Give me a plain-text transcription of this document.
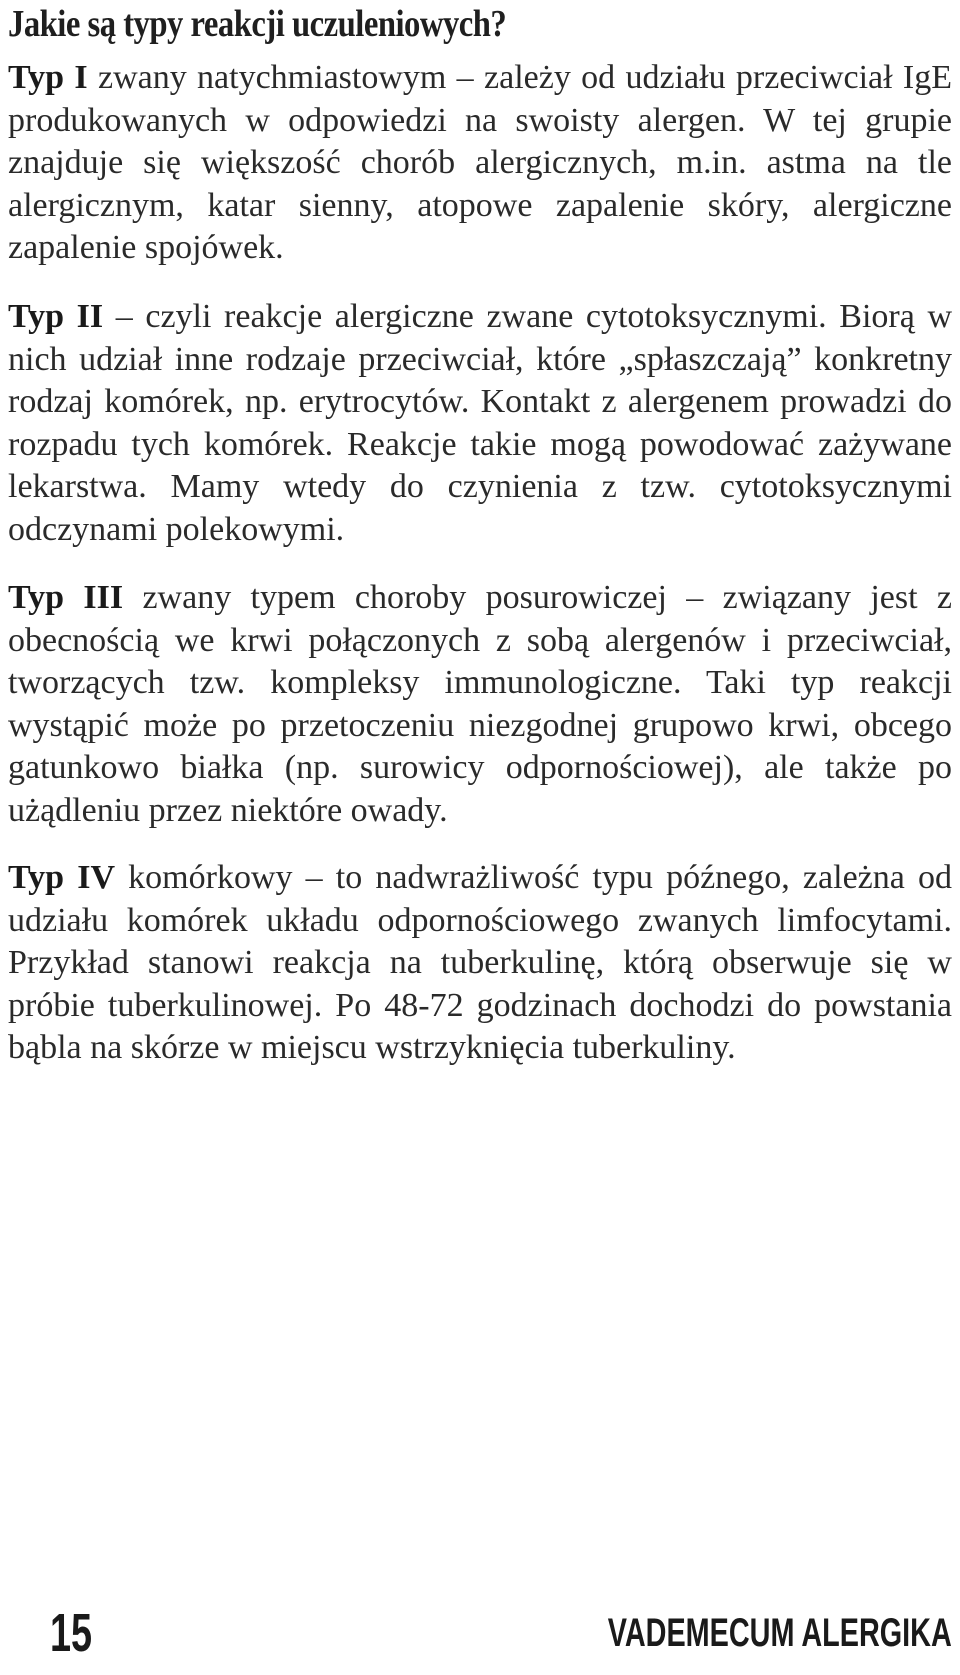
Jakie są typy reakcji uczuleniowych?

Typ I zwany natychmiastowym – zależy od udziału przeciwciał IgE produkowanych w odpowiedzi na swoisty alergen. W tej grupie znajduje się większość chorób alergicznych, m.in. astma na tle alergicznym, katar sienny, atopowe zapalenie skóry, alergiczne zapalenie spojówek.

Typ II – czyli reakcje alergiczne zwane cytotoksycznymi. Biorą w nich udział inne rodzaje przeciwciał, które „spłaszczają” konkretny rodzaj komórek, np. erytrocytów. Kontakt z alergenem prowadzi do rozpadu tych komórek. Reakcje takie mogą powodować zażywane lekarstwa. Mamy wtedy do czynienia z tzw. cytotoksycznymi odczynami polekowymi.

Typ III zwany typem choroby posurowiczej – związany jest z obecnością we krwi połączonych z sobą alergenów i przeciwciał, tworzących tzw. kompleksy immunologiczne. Taki typ reakcji wystąpić może po przetoczeniu niezgodnej grupowo krwi, obcego gatunkowo białka (np. surowicy odpornościowej), ale także po użądleniu przez niektóre owady.

Typ IV komórkowy – to nadwrażliwość typu późnego, zależna od udziału komórek układu odpornościowego zwanych limfocytami. Przykład stanowi reakcja na tuberkulinę, którą obserwuje się w próbie tuberkulinowej. Po 48-72 godzinach dochodzi do powstania bąbla na skórze w miejscu wstrzyknięcia tuberkuliny.

15	VADEMECUM ALERGIKA
